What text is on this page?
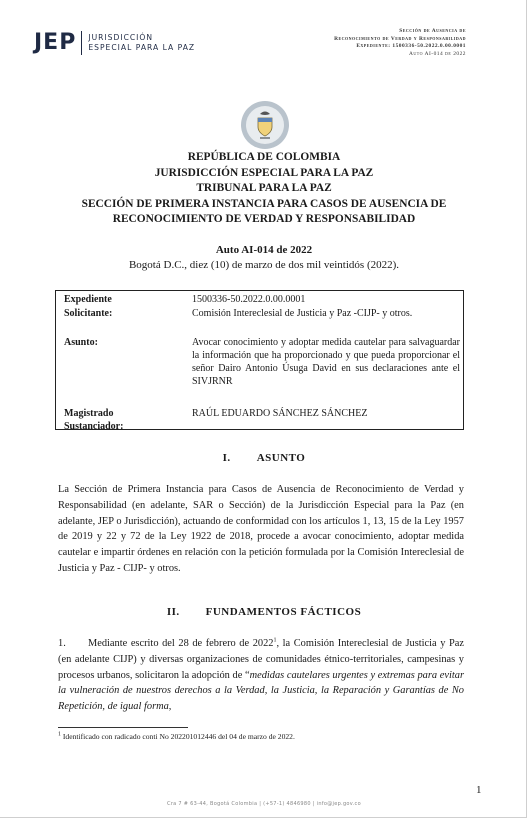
JEP JURISDICCIÓN
ESPECIAL PARA LA PAZ
Sección de Ausencia de
Reconocimiento de Verdad y Responsabilidad
Expediente: 1500336-50.2022.0.00.0001
Auto AI-014 de 2022
REPÚBLICA DE COLOMBIA
JURISDICCIÓN ESPECIAL PARA LA PAZ
TRIBUNAL PARA LA PAZ
SECCIÓN DE PRIMERA INSTANCIA PARA CASOS DE AUSENCIA DE
RECONOCIMIENTO DE VERDAD Y RESPONSABILIDAD
Auto AI-014 de 2022
Bogotá D.C., diez (10) de marzo de dos mil veintidós (2022).
Expediente	1500336-50.2022.0.00.0001
Solicitante:	Comisión Intereclesial de Justicia y Paz -CIJP- y otros.
Asunto:	Avocar conocimiento y adoptar medida cautelar para salvaguardar la información que ha proporcionado y que pueda proporcionar el señor Dairo Antonio Úsuga David en sus declaraciones ante el SIVJRNR
Magistrado
Sustanciador:
RAÚL EDUARDO SÁNCHEZ SÁNCHEZ
I. ASUNTO
La Sección de Primera Instancia para Casos de Ausencia de Reconocimiento de Verdad y Responsabilidad (en adelante, SAR o Sección) de la Jurisdicción Especial para la Paz (en adelante, JEP o Jurisdicción), actuando de conformidad con los artículos 1, 13, 15 de la Ley 1957 de 2019 y 22 y 72 de la Ley 1922 de 2018, procede a avocar conocimiento, adoptar medida cautelar e impartir órdenes en relación con la petición formulada por la Comisión Intereclesial de Justicia y Paz - CIJP- y otros.
II. FUNDAMENTOS FÁCTICOS
1. Mediante escrito del 28 de febrero de 2022$^1$, la Comisión Intereclesial de Justicia y Paz (en adelante CIJP) y diversas organizaciones de comunidades étnico-territoriales, campesinas y procesos urbanos, solicitaron la adopción de “medidas cautelares urgentes y extremas para evitar la vulneración de nuestros derechos a la Verdad, la Justicia, la Reparación y Garantías de No Repetición, de igual forma,
$^1$ Identificado con radicado conti No 202201012446 del 04 de marzo de 2022.
1
Cra 7 # 63-44, Bogotá Colombia | (+57-1) 4846980 | info@jep.gov.co
